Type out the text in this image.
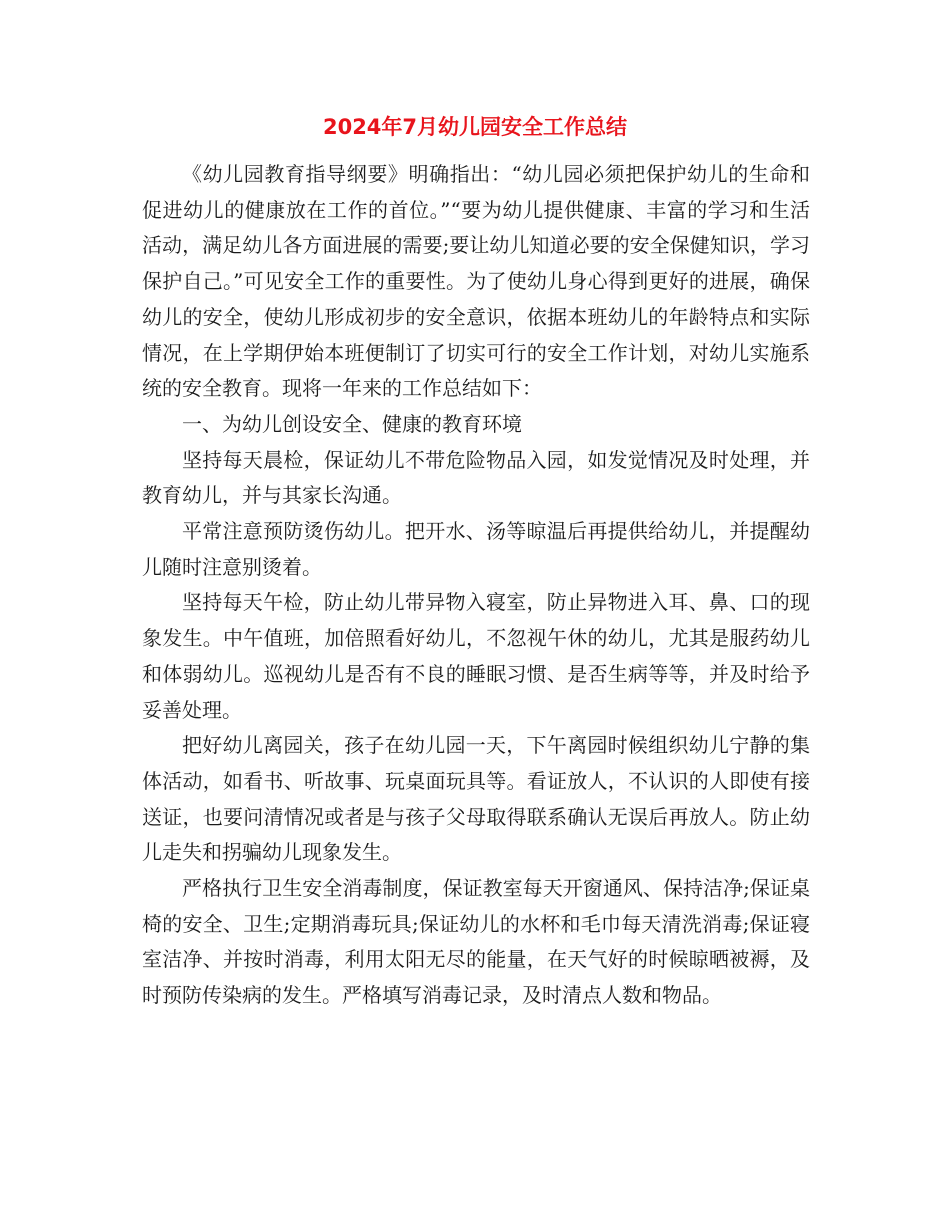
2024年7月幼儿园安全工作总结

《幼儿园教育指导纲要》明确指出：“幼儿园必须把保护幼儿的生命和促进幼儿的健康放在工作的首位。”“要为幼儿提供健康、丰富的学习和生活活动，满足幼儿各方面进展的需要;要让幼儿知道必要的安全保健知识，学习保护自己。”可见安全工作的重要性。为了使幼儿身心得到更好的进展，确保幼儿的安全，使幼儿形成初步的安全意识，依据本班幼儿的年龄特点和实际情况，在上学期伊始本班便制订了切实可行的安全工作计划，对幼儿实施系统的安全教育。现将一年来的工作总结如下：

一、为幼儿创设安全、健康的教育环境

坚持每天晨检，保证幼儿不带危险物品入园，如发觉情况及时处理，并教育幼儿，并与其家长沟通。

平常注意预防烫伤幼儿。把开水、汤等晾温后再提供给幼儿，并提醒幼儿随时注意别烫着。

坚持每天午检，防止幼儿带异物入寝室，防止异物进入耳、鼻、口的现象发生。中午值班，加倍照看好幼儿，不忽视午休的幼儿，尤其是服药幼儿和体弱幼儿。巡视幼儿是否有不良的睡眠习惯、是否生病等等，并及时给予妥善处理。

把好幼儿离园关，孩子在幼儿园一天，下午离园时候组织幼儿宁静的集体活动，如看书、听故事、玩桌面玩具等。看证放人，不认识的人即使有接送证，也要问清情况或者是与孩子父母取得联系确认无误后再放人。防止幼儿走失和拐骗幼儿现象发生。

严格执行卫生安全消毒制度，保证教室每天开窗通风、保持洁净;保证桌椅的安全、卫生;定期消毒玩具;保证幼儿的水杯和毛巾每天清洗消毒;保证寝室洁净、并按时消毒，利用太阳无尽的能量，在天气好的时候晾晒被褥，及时预防传染病的发生。严格填写消毒记录，及时清点人数和物品。
